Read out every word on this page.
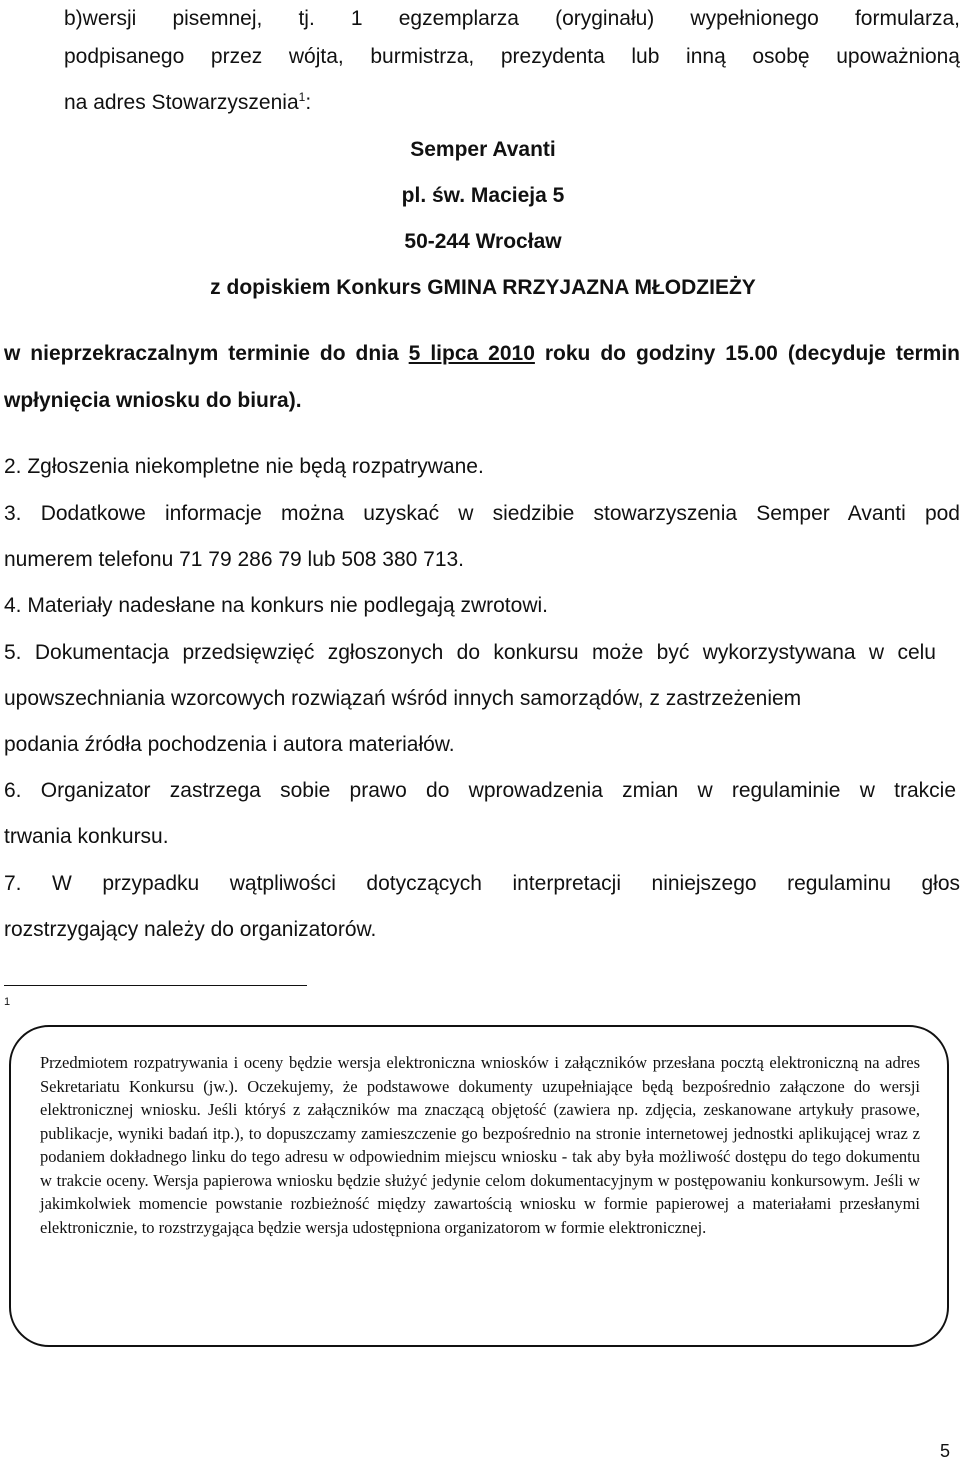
b)wersji pisemnej, tj. 1 egzemplarza (oryginału) wypełnionego formularza,
podpisanego przez wójta, burmistrza, prezydenta lub inną osobę upoważnioną
na adres Stowarzyszenia$^1$:
Semper Avanti
pl. św. Macieja 5
50-244 Wrocław
z dopiskiem Konkurs GMINA RRZYJAZNA MŁODZIEŻY
w nieprzekraczalnym terminie do dnia 5 lipca 2010 roku do godziny 15.00 (decyduje termin
wpłynięcia wniosku do biura).
2. Zgłoszenia niekompletne nie będą rozpatrywane.
3. Dodatkowe informacje można uzyskać w siedzibie stowarzyszenia Semper Avanti pod
numerem telefonu 71 79 286 79 lub 508 380 713.
4. Materiały nadesłane na konkurs nie podlegają zwrotowi.
5. Dokumentacja przedsięwzięć zgłoszonych do konkursu może być wykorzystywana w celu
upowszechniania wzorcowych rozwiązań wśród innych samorządów, z zastrzeżeniem
podania źródła pochodzenia i autora materiałów.
6. Organizator zastrzega sobie prawo do wprowadzenia zmian w regulaminie w trakcie
trwania konkursu.
7. W przypadku wątpliwości dotyczących interpretacji niniejszego regulaminu głos
rozstrzygający należy do organizatorów.
1
Przedmiotem rozpatrywania i oceny będzie wersja elektroniczna wniosków i załączników przesłana pocztą elektroniczną na adres Sekretariatu Konkursu (jw.). Oczekujemy, że podstawowe dokumenty uzupełniające będą bezpośrednio załączone do wersji elektronicznej wniosku. Jeśli któryś z załączników ma znaczącą objętość (zawiera np. zdjęcia, zeskanowane artykuły prasowe, publikacje, wyniki badań itp.), to dopuszczamy zamieszczenie go bezpośrednio na stronie internetowej jednostki aplikującej wraz z podaniem dokładnego linku do tego adresu w odpowiednim miejscu wniosku - tak aby była możliwość dostępu do tego dokumentu w trakcie oceny. Wersja papierowa wniosku będzie służyć jedynie celom dokumentacyjnym w postępowaniu konkursowym. Jeśli w jakimkolwiek momencie powstanie rozbieżność między zawartością wniosku w formie papierowej a materiałami przesłanymi elektronicznie, to rozstrzygająca będzie wersja udostępniona organizatorom w formie elektronicznej.
5
